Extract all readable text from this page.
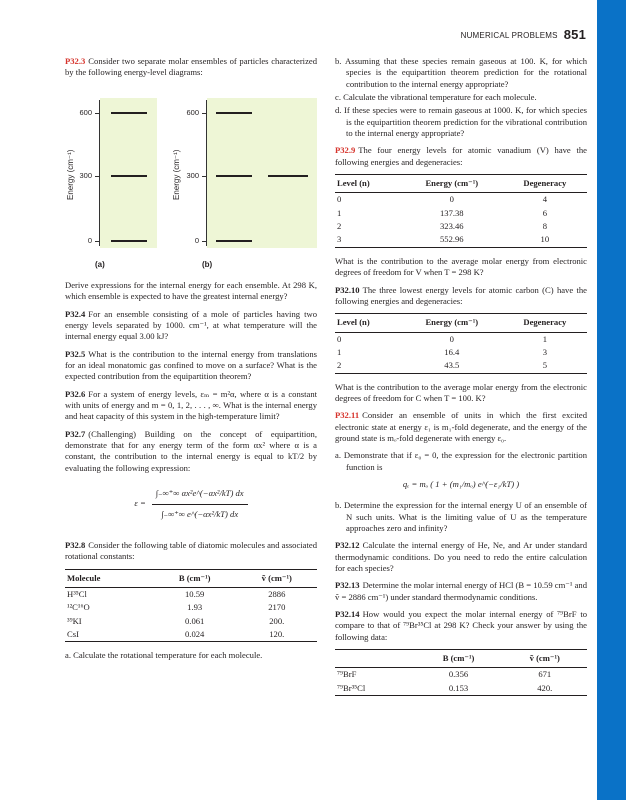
NUMERICAL PROBLEMS 851

P32.3 Consider two separate molar ensembles of particles characterized by the following energy-level diagrams:

600
300
0
Energy (cm⁻¹)
(a)
600
300
0
Energy (cm⁻¹)
(b)

Derive expressions for the internal energy for each ensemble. At 298 K, which ensemble is expected to have the greatest internal energy?

P32.4 For an ensemble consisting of a mole of particles having two energy levels separated by 1000. cm⁻¹, at what temperature will the internal energy equal 3.00 kJ?

P32.5 What is the contribution to the internal energy from translations for an ideal monatomic gas confined to move on a surface? What is the expected contribution from the equipartition theorem?

P32.6 For a system of energy levels, εₘ = m²α, where α is a constant with units of energy and m = 0, 1, 2, . . . , ∞. What is the internal energy and heat capacity of this system in the high-temperature limit?

P32.7 (Challenging) Building on the concept of equipartition, demonstrate that for any energy term of the form αx² where α is a constant, the contribution to the internal energy is equal to kT/2 by evaluating the following expression:

ε =
∫₋∞⁺∞ αx²e^(−αx²/kT) dx
∫₋∞⁺∞ e^(−αx²/kT) dx

P32.8 Consider the following table of diatomic molecules and associated rotational constants:

Molecule	B (cm⁻¹)	ṽ (cm⁻¹)
H³⁵Cl	10.59	2886
¹²C¹⁶O	1.93	2170
³⁹KI	0.061	200.
CsI	0.024	120.

a. Calculate the rotational temperature for each molecule.

b. Assuming that these species remain gaseous at 100. K, for which species is the equipartition theorem prediction for the rotational contribution to the internal energy appropriate?

c. Calculate the vibrational temperature for each molecule.

d. If these species were to remain gaseous at 1000. K, for which species is the equipartition theorem prediction for the vibrational contribution to the internal energy appropriate?

P32.9 The four energy levels for atomic vanadium (V) have the following energies and degeneracies:

Level (n)	Energy (cm⁻¹)	Degeneracy
0	0	4
1	137.38	6
2	323.46	8
3	552.96	10

What is the contribution to the average molar energy from electronic degrees of freedom for V when T = 298 K?

P32.10 The three lowest energy levels for atomic carbon (C) have the following energies and degeneracies:

Level (n)	Energy (cm⁻¹)	Degeneracy
0	0	1
1	16.4	3
2	43.5	5

What is the contribution to the average molar energy from the electronic degrees of freedom for C when T = 100. K?

P32.11 Consider an ensemble of units in which the first excited electronic state at energy ε₁ is m₁-fold degenerate, and the energy of the ground state is mₒ-fold degenerate with energy ε₀.

a. Demonstrate that if ε₀ = 0, the expression for the electronic partition function is

qₑ = mₒ ( 1 + (m₁/mₒ) e^(−ε₁/kT) )

b. Determine the expression for the internal energy U of an ensemble of N such units. What is the limiting value of U as the temperature approaches zero and infinity?

P32.12 Calculate the internal energy of He, Ne, and Ar under standard thermodynamic conditions. Do you need to redo the entire calculation for each species?

P32.13 Determine the molar internal energy of HCl (B = 10.59 cm⁻¹ and ṽ = 2886 cm⁻¹) under standard thermodynamic conditions.

P32.14 How would you expect the molar internal energy of ⁷⁹BrF to compare to that of ⁷⁹Br³⁵Cl at 298 K? Check your answer by using the following data:

	B (cm⁻¹)	ṽ (cm⁻¹)
⁷⁹BrF	0.356	671
⁷⁹Br³⁵Cl	0.153	420.
